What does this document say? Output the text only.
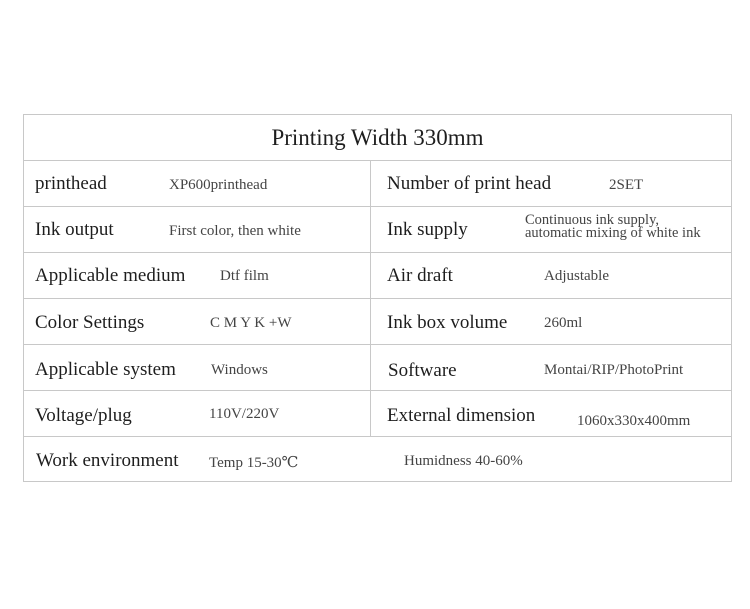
Printing Width 330mm
printhead	XP600printhead	Number of print head	2SET
Ink output	First color, then white	Ink supply	Continuous ink supply,
automatic mixing of white ink
Applicable medium Dtf film	Air draft	Adjustable
Color Settings	C M Y K +W	Ink box volume 260ml
Applicable system Windows	Software	Montai/RIP/PhotoPrint
Voltage/plug	110V/220V	External dimension	1060x330x400mm
Work environment Temp 15-30℃	Humidness 40-60%
